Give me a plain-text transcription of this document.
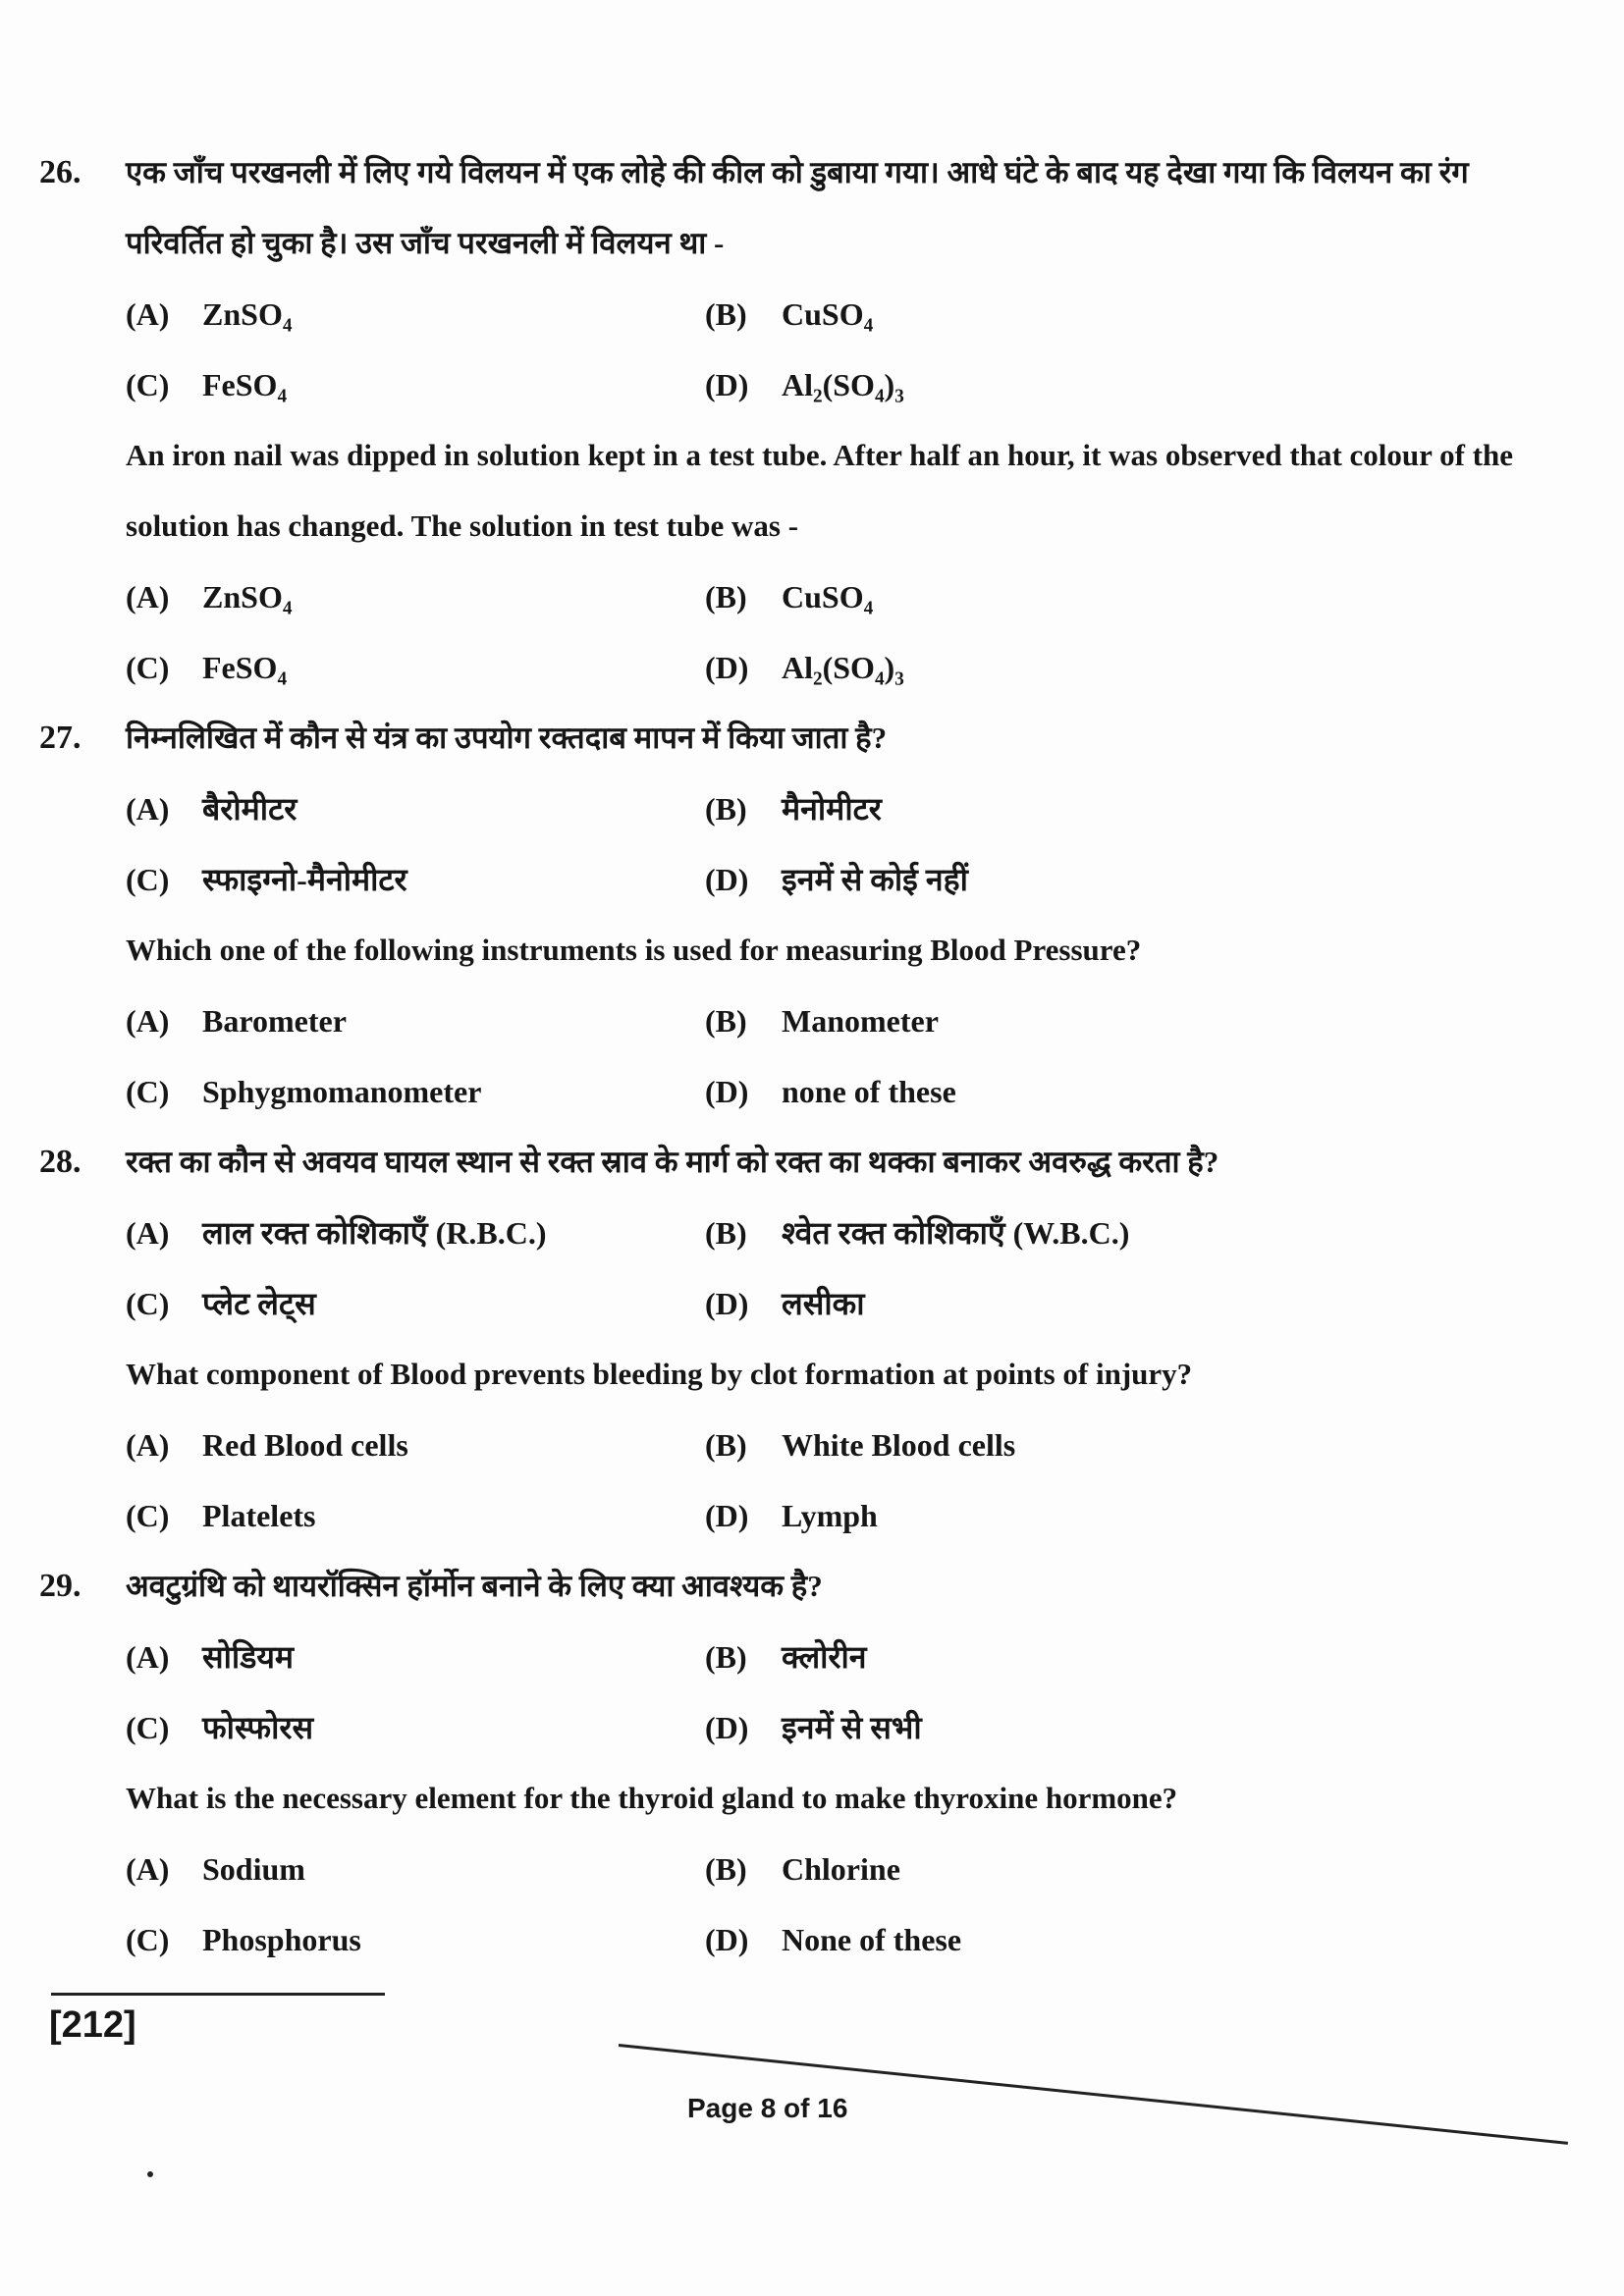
26.	एक जाँच परखनली में लिए गये विलयन में एक लोहे की कील को डुबाया गया। आधे घंटे के बाद यह देखा गया कि विलयन का रंग परिवर्तित हो चुका है। उस जाँच परखनली में विलयन था -
(A) ZnSO₄	(B) CuSO₄
(C) FeSO₄	(D) Al₂(SO₄)₃
An iron nail was dipped in solution kept in a test tube. After half an hour, it was observed that colour of the solution has changed. The solution in test tube was -
(A) ZnSO₄	(B) CuSO₄
(C) FeSO₄	(D) Al₂(SO₄)₃
27.	निम्नलिखित में कौन से यंत्र का उपयोग रक्तदाब मापन में किया जाता है?
(A) बैरोमीटर	(B) मैनोमीटर
(C) स्फाइग्नो-मैनोमीटर	(D) इनमें से कोई नहीं
Which one of the following instruments is used for measuring Blood Pressure?
(A) Barometer	(B) Manometer
(C) Sphygmomanometer	(D) none of these
28.	रक्त का कौन से अवयव घायल स्थान से रक्त स्राव के मार्ग को रक्त का थक्का बनाकर अवरुद्ध करता है?
(A) लाल रक्त कोशिकाएँ (R.B.C.)	(B) श्वेत रक्त कोशिकाएँ (W.B.C.)
(C) प्लेट लेट्स	(D) लसीका
What component of Blood prevents bleeding by clot formation at points of injury?
(A) Red Blood cells	(B) White Blood cells
(C) Platelets	(D) Lymph
29.	अवटुग्रंथि को थायरॉक्सिन हॉर्मोन बनाने के लिए क्या आवश्यक है?
(A) सोडियम	(B) क्लोरीन
(C) फोस्फोरस	(D) इनमें से सभी
What is the necessary element for the thyroid gland to make thyroxine hormone?
(A) Sodium	(B) Chlorine
(C) Phosphorus	(D) None of these
[212]
Page 8 of 16
